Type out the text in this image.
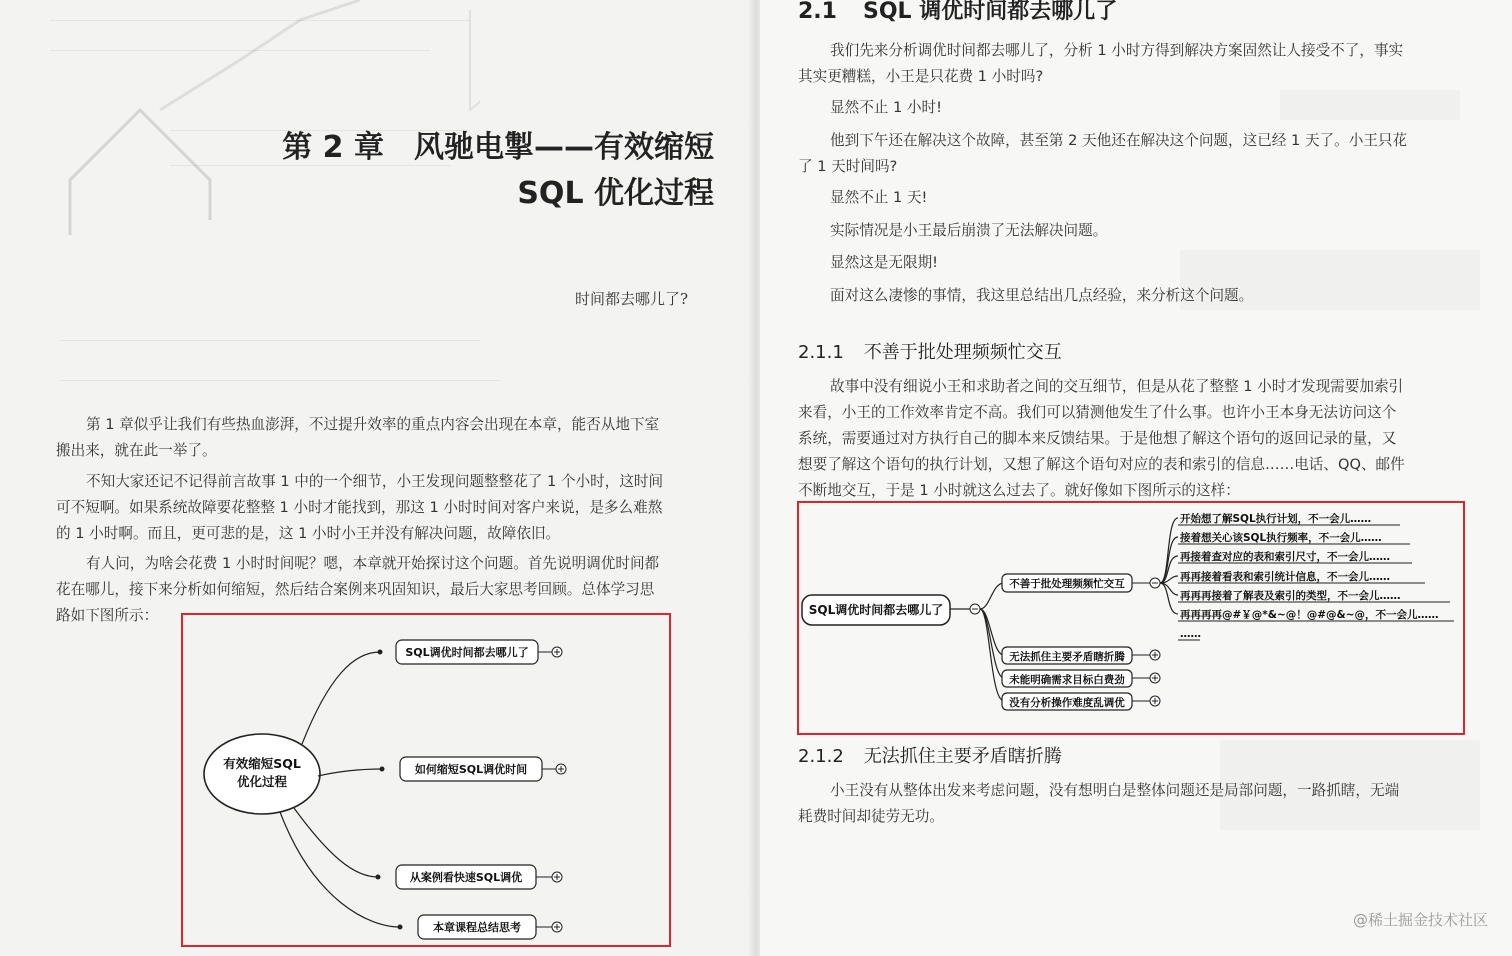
第 2 章　风驰电掣——有效缩短
SQL 优化过程
时间都去哪儿了?
第 1 章似乎让我们有些热血澎湃，不过提升效率的重点内容会出现在本章，能否从地下室
搬出来，就在此一举了。
不知大家还记不记得前言故事 1 中的一个细节，小王发现问题整整花了 1 个小时，这时间
可不短啊。如果系统故障要花整整 1 小时才能找到，那这 1 小时时间对客户来说，是多么难熬
的 1 小时啊。而且，更可悲的是，这 1 小时小王并没有解决问题，故障依旧。
有人问，为啥会花费 1 小时时间呢？嗯，本章就开始探讨这个问题。首先说明调优时间都
花在哪儿，接下来分析如何缩短，然后结合案例来巩固知识，最后大家思考回顾。总体学习思
路如下图所示：
有效缩短SQL
优化过程
SQL调优时间都去哪儿了
如何缩短SQL调优时间
从案例看快速SQL调优
本章课程总结思考
2.1 SQL 调优时间都去哪儿了
我们先来分析调优时间都去哪儿了，分析 1 小时方得到解决方案固然让人接受不了，事实
其实更糟糕，小王是只花费 1 小时吗?
显然不止 1 小时!
他到下午还在解决这个故障，甚至第 2 天他还在解决这个问题，这已经 1 天了。小王只花
了 1 天时间吗?
显然不止 1 天!
实际情况是小王最后崩溃了无法解决问题。
显然这是无限期!
面对这么凄惨的事情，我这里总结出几点经验，来分析这个问题。
2.1.1 不善于批处理频频忙交互
故事中没有细说小王和求助者之间的交互细节，但是从花了整整 1 小时才发现需要加索引
来看，小王的工作效率肯定不高。我们可以猜测他发生了什么事。也许小王本身无法访问这个
系统，需要通过对方执行自己的脚本来反馈结果。于是他想了解这个语句的返回记录的量，又
想要了解这个语句的执行计划，又想了解这个语句对应的表和索引的信息……电话、QQ、邮件
不断地交互，于是 1 小时就这么过去了。就好像如下图所示的这样：
SQL调优时间都去哪儿了
不善于批处理频频忙交互
开始想了解SQL执行计划，不一会儿……
接着想关心该SQL执行频率，不一会儿……
再接着查对应的表和索引尺寸，不一会儿……
再再接着看表和索引统计信息，不一会儿……
再再再接着了解表及索引的类型，不一会儿……
再再再再@#￥@*&~@！@#@&~@，不一会儿……
……
无法抓住主要矛盾瞎折腾
未能明确需求目标白费劲
没有分析操作难度乱调优
2.1.2 无法抓住主要矛盾瞎折腾
小王没有从整体出发来考虑问题，没有想明白是整体问题还是局部问题，一路抓瞎，无端
耗费时间却徒劳无功。
@稀土掘金技术社区
